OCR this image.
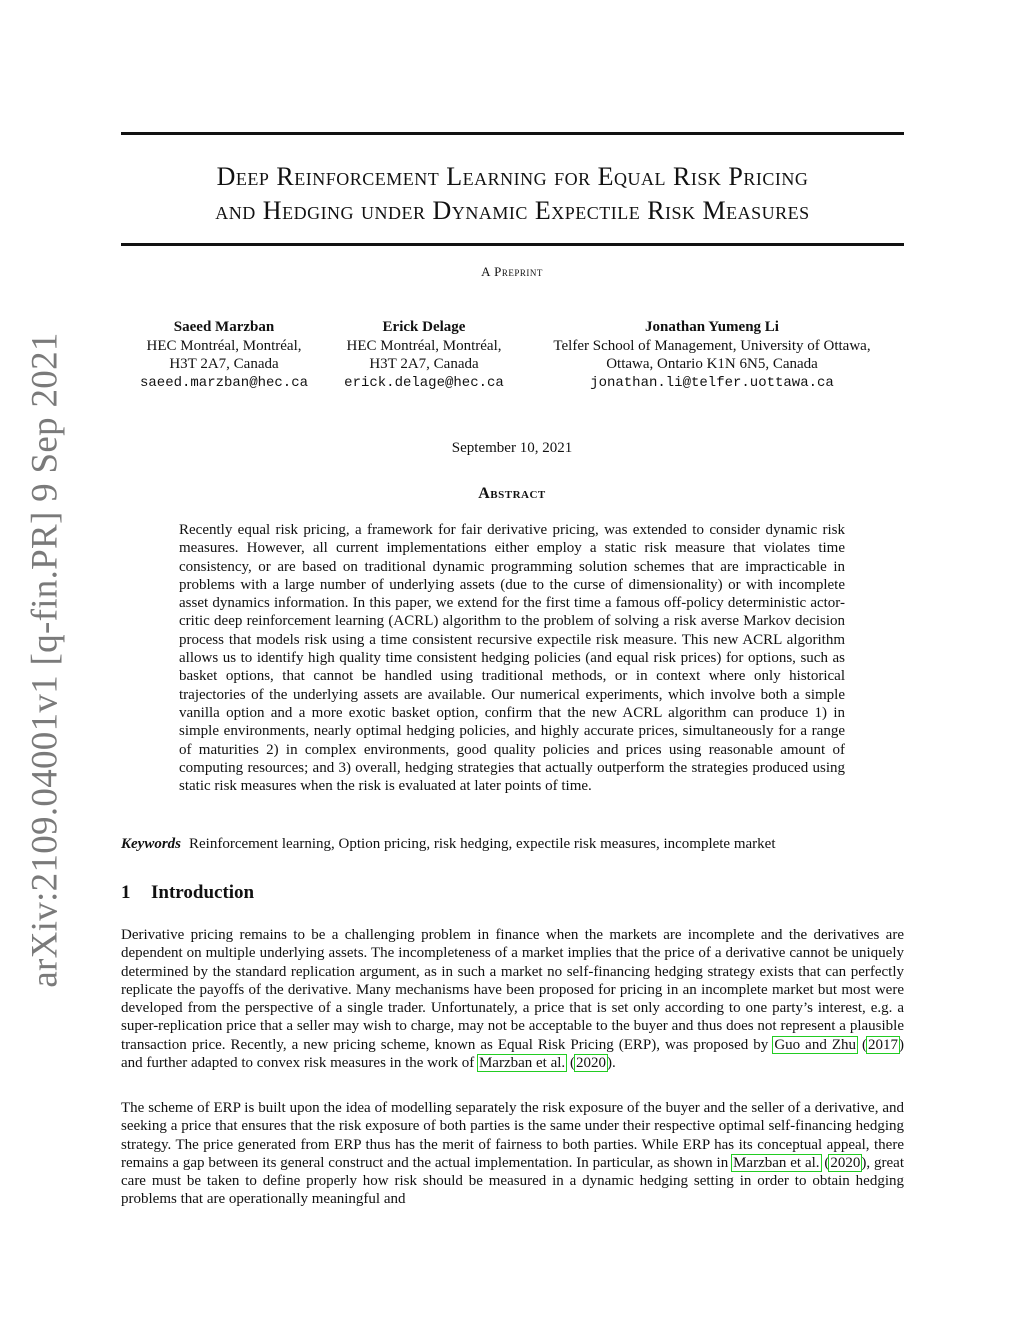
Deep Reinforcement Learning for Equal Risk Pricing
and Hedging under Dynamic Expectile Risk Measures
A Preprint
Saeed Marzban
HEC Montréal, Montréal,
H3T 2A7, Canada
saeed.marzban@hec.ca
Erick Delage
HEC Montréal, Montréal,
H3T 2A7, Canada
erick.delage@hec.ca
Jonathan Yumeng Li
Telfer School of Management, University of Ottawa,
Ottawa, Ontario K1N 6N5, Canada
jonathan.li@telfer.uottawa.ca
September 10, 2021
Abstract
Recently equal risk pricing, a framework for fair derivative pricing, was extended to consider dynamic risk measures. However, all current implementations either employ a static risk measure that violates time consistency, or are based on traditional dynamic programming solution schemes that are impracticable in problems with a large number of underlying assets (due to the curse of dimensionality) or with incomplete asset dynamics information. In this paper, we extend for the first time a famous off-policy deterministic actor-critic deep reinforcement learning (ACRL) algorithm to the problem of solving a risk averse Markov decision process that models risk using a time consistent recursive expectile risk measure. This new ACRL algorithm allows us to identify high quality time consistent hedging policies (and equal risk prices) for options, such as basket options, that cannot be handled using traditional methods, or in context where only historical trajectories of the underlying assets are available. Our numerical experiments, which involve both a simple vanilla option and a more exotic basket option, confirm that the new ACRL algorithm can produce 1) in simple environments, nearly optimal hedging policies, and highly accurate prices, simultaneously for a range of maturities 2) in complex environments, good quality policies and prices using reasonable amount of computing resources; and 3) overall, hedging strategies that actually outperform the strategies produced using static risk measures when the risk is evaluated at later points of time.
Keywords Reinforcement learning, Option pricing, risk hedging, expectile risk measures, incomplete market
1 Introduction

Derivative pricing remains to be a challenging problem in finance when the markets are incomplete and the derivatives are dependent on multiple underlying assets. The incompleteness of a market implies that the price of a derivative cannot be uniquely determined by the standard replication argument, as in such a market no self-financing hedging strategy exists that can perfectly replicate the payoffs of the derivative. Many mechanisms have been proposed for pricing in an incomplete market but most were developed from the perspective of a single trader. Unfortunately, a price that is set only according to one party’s interest, e.g. a super-replication price that a seller may wish to charge, may not be acceptable to the buyer and thus does not represent a plausible transaction price. Recently, a new pricing scheme, known as Equal Risk Pricing (ERP), was proposed by Guo and Zhu (2017) and further adapted to convex risk measures in the work of Marzban et al. (2020).

The scheme of ERP is built upon the idea of modelling separately the risk exposure of the buyer and the seller of a derivative, and seeking a price that ensures that the risk exposure of both parties is the same under their respective optimal self-financing hedging strategy. The price generated from ERP thus has the merit of fairness to both parties. While ERP has its conceptual appeal, there remains a gap between its general construct and the actual implementation. In particular, as shown in Marzban et al. (2020), great care must be taken to define properly how risk should be measured in a dynamic hedging setting in order to obtain hedging problems that are operationally meaningful and

arXiv:2109.04001v1 [q-fin.PR] 9 Sep 2021
